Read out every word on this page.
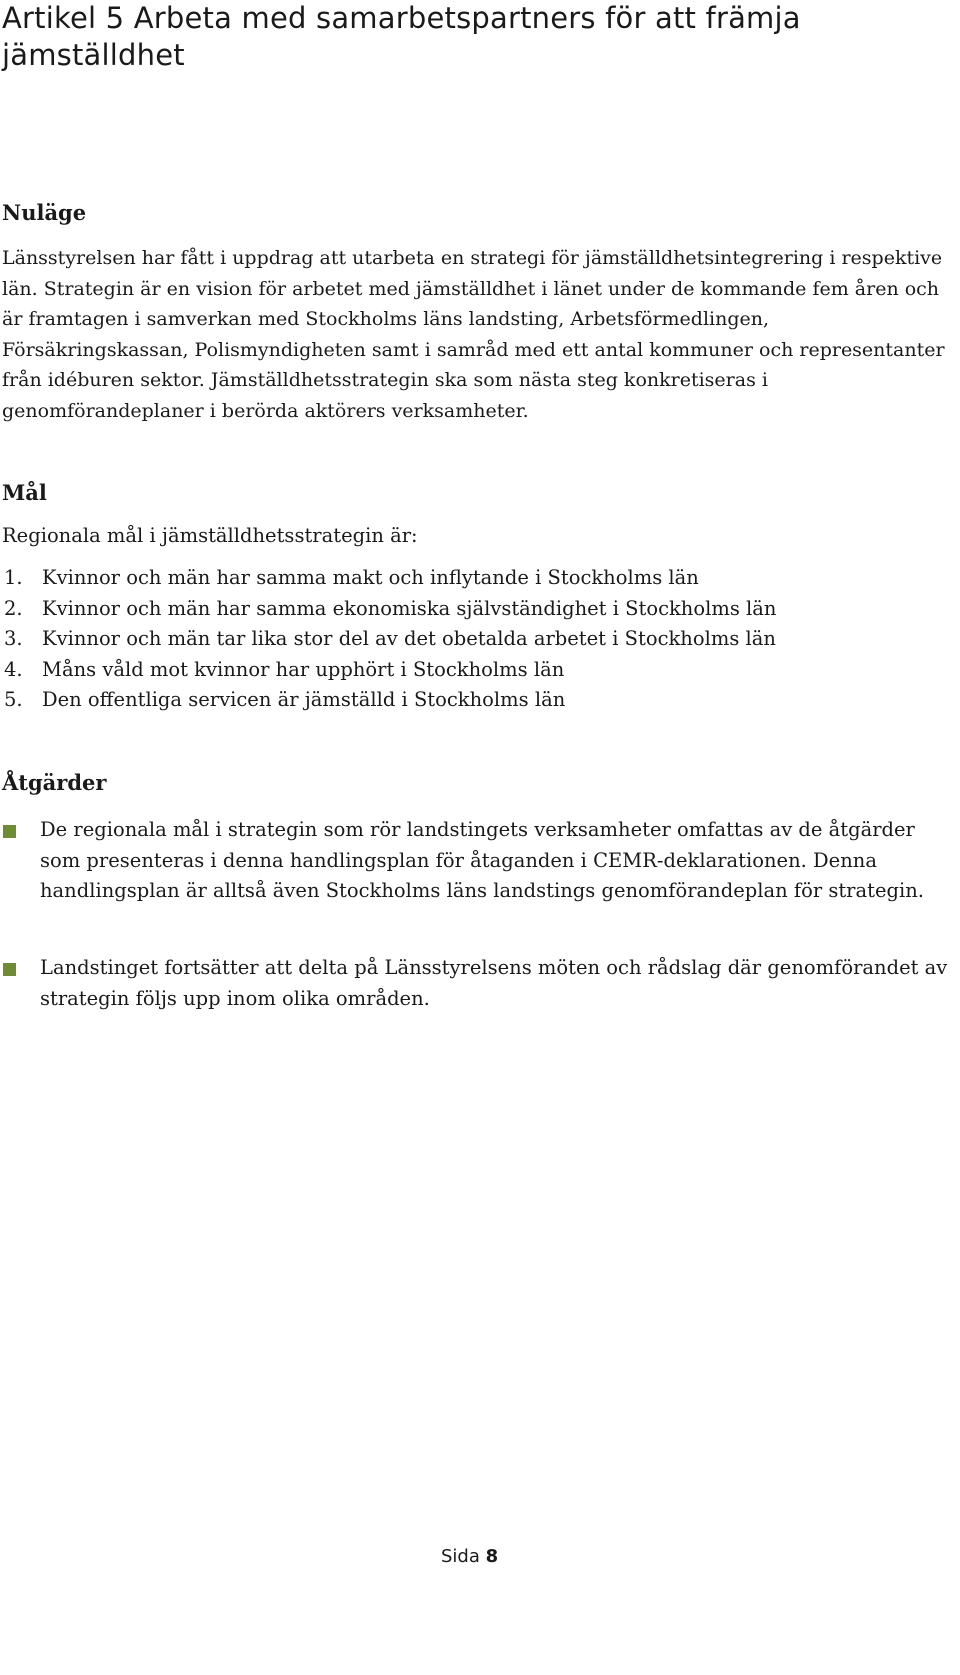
Artikel 5 Arbeta med samarbetspartners för att främja jämställdhet
Nuläge

Länsstyrelsen har fått i uppdrag att utarbeta en strategi för jämställdhetsintegrering i respektive län. Strategin är en vision för arbetet med jämställdhet i länet under de kommande fem åren och är framtagen i samverkan med Stockholms läns landsting, Arbetsförmedlingen, Försäkringskassan, Polismyndigheten samt i samråd med ett antal kommuner och representanter från idéburen sektor. Jämställdhetsstrategin ska som nästa steg konkretiseras i genomförandeplaner i berörda aktörers verksamheter.

Mål

Regionala mål i jämställdhetsstrategin är:

1. Kvinnor och män har samma makt och inflytande i Stockholms län
2. Kvinnor och män har samma ekonomiska självständighet i Stockholms län
3. Kvinnor och män tar lika stor del av det obetalda arbetet i Stockholms län
4. Måns våld mot kvinnor har upphört i Stockholms län
5. Den offentliga servicen är jämställd i Stockholms län
Åtgärder
De regionala mål i strategin som rör landstingets verksamheter omfattas av de åtgärder som presenteras i denna handlingsplan för åtaganden i CEMR-deklarationen. Denna handlingsplan är alltså även Stockholms läns landstings genomförandeplan för strategin.
Landstinget fortsätter att delta på Länsstyrelsens möten och rådslag där genomförandet av strategin följs upp inom olika områden.
Sida 8
